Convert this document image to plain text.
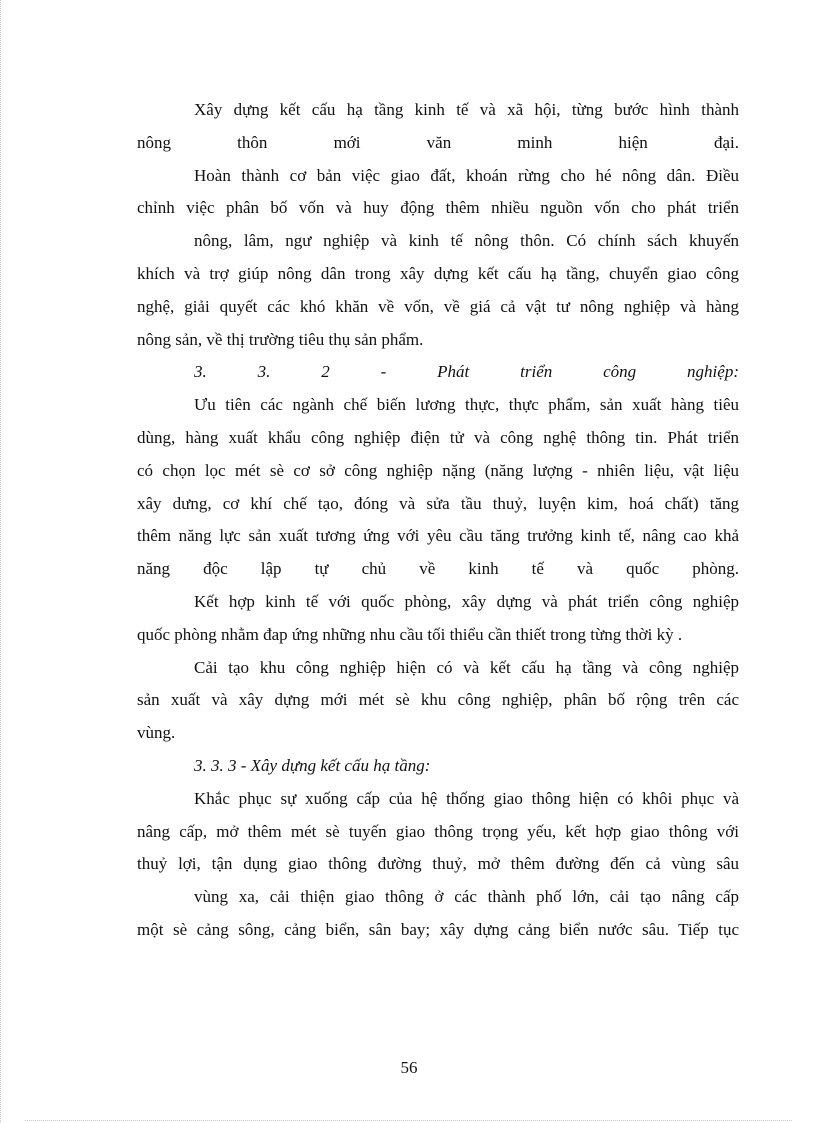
Xây dựng kết cấu hạ tầng kinh tế và xã hội, từng bước hình thành
nông thôn mới văn minh hiện đại.
Hoàn thành cơ bản việc giao đất, khoán rừng cho hé nông dân. Điều
chỉnh việc phân bố vốn và huy động thêm nhiều nguồn vốn cho phát triển
nông, lâm, ngư nghiệp và kinh tế nông thôn. Có chính sách khuyến
khích và trợ giúp nông dân trong xây dựng kết cấu hạ tầng, chuyển giao công
nghệ, giải quyết các khó khăn về vốn, về giá cả vật tư nông nghiệp và hàng
nông sản, về thị trường tiêu thụ sản phẩm.
3. 3. 2 - Phát triển công nghiệp:
Ưu tiên các ngành chế biến lương thực, thực phẩm, sản xuất hàng tiêu
dùng, hàng xuất khẩu công nghiệp điện tử và công nghệ thông tin. Phát triển
có chọn lọc mét sè cơ sở công nghiệp nặng (năng lượng - nhiên liệu, vật liệu
xây dưng, cơ khí chế tạo, đóng và sửa tầu thuỷ, luyện kim, hoá chất) tăng
thêm năng lực sản xuất tương ứng với yêu cầu tăng trưởng kinh tế, nâng cao khả
năng độc lập tự chủ về kinh tế và quốc phòng.
Kết hợp kinh tế với quốc phòng, xây dựng và phát triển công nghiệp
quốc phòng nhằm đap ứng những nhu cầu tối thiểu cần thiết trong từng thời kỳ .
Cải tạo khu công nghiệp hiện có và kết cấu hạ tầng và công nghiệp
sản xuất và xây dựng mới mét sè khu công nghiệp, phân bố rộng trên các
vùng.
3. 3. 3 - Xây dựng kết cấu hạ tầng:
Khắc phục sự xuống cấp của hệ thống giao thông hiện có khôi phục và
nâng cấp, mở thêm mét sè tuyến giao thông trọng yếu, kết hợp giao thông với
thuỷ lợi, tận dụng giao thông đường thuỷ, mở thêm đường đến cả vùng sâu
vùng xa, cải thiện giao thông ở các thành phố lớn, cải tạo nâng cấp
một sè cảng sông, cảng biển, sân bay; xây dựng cảng biển nước sâu. Tiếp tục
56
